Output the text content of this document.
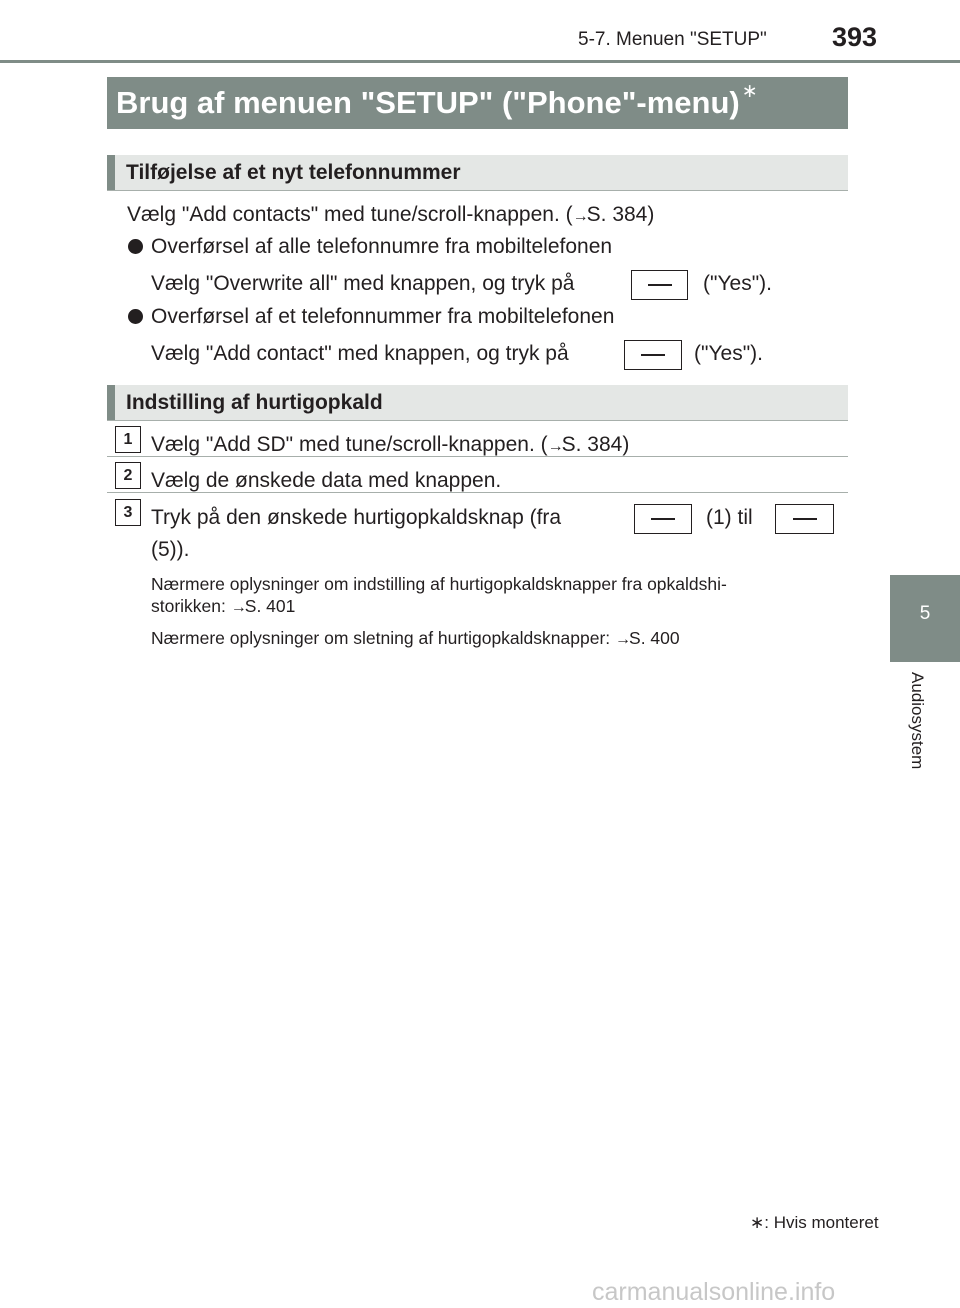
5-7. Menuen "SETUP" 393
5
Audiosystem
Brug af menuen "SETUP" ("Phone"-menu) ∗
Tilføjelse af et nyt telefonnummer
Vælg "Add contacts" med tune/scroll-knappen. (→S. 384)
Overførsel af alle telefonnumre fra mobiltelefonen
Vælg "Overwrite all" med knappen, og tryk på	("Yes").
Overførsel af et telefonnummer fra mobiltelefonen
Vælg "Add contact" med knappen, og tryk på	("Yes").
Indstilling af hurtigopkald
1 Vælg "Add SD" med tune/scroll-knappen. (→S. 384)
2 Vælg de ønskede data med knappen.
3 Tryk på den ønskede hurtigopkaldsknap (fra	(1) til
(5)).
Nærmere oplysninger om indstilling af hurtigopkaldsknapper fra opkaldshi-
storikken: →S. 401
Nærmere oplysninger om sletning af hurtigopkaldsknapper: →S. 400
∗: Hvis monteret
carmanualsonline.info
